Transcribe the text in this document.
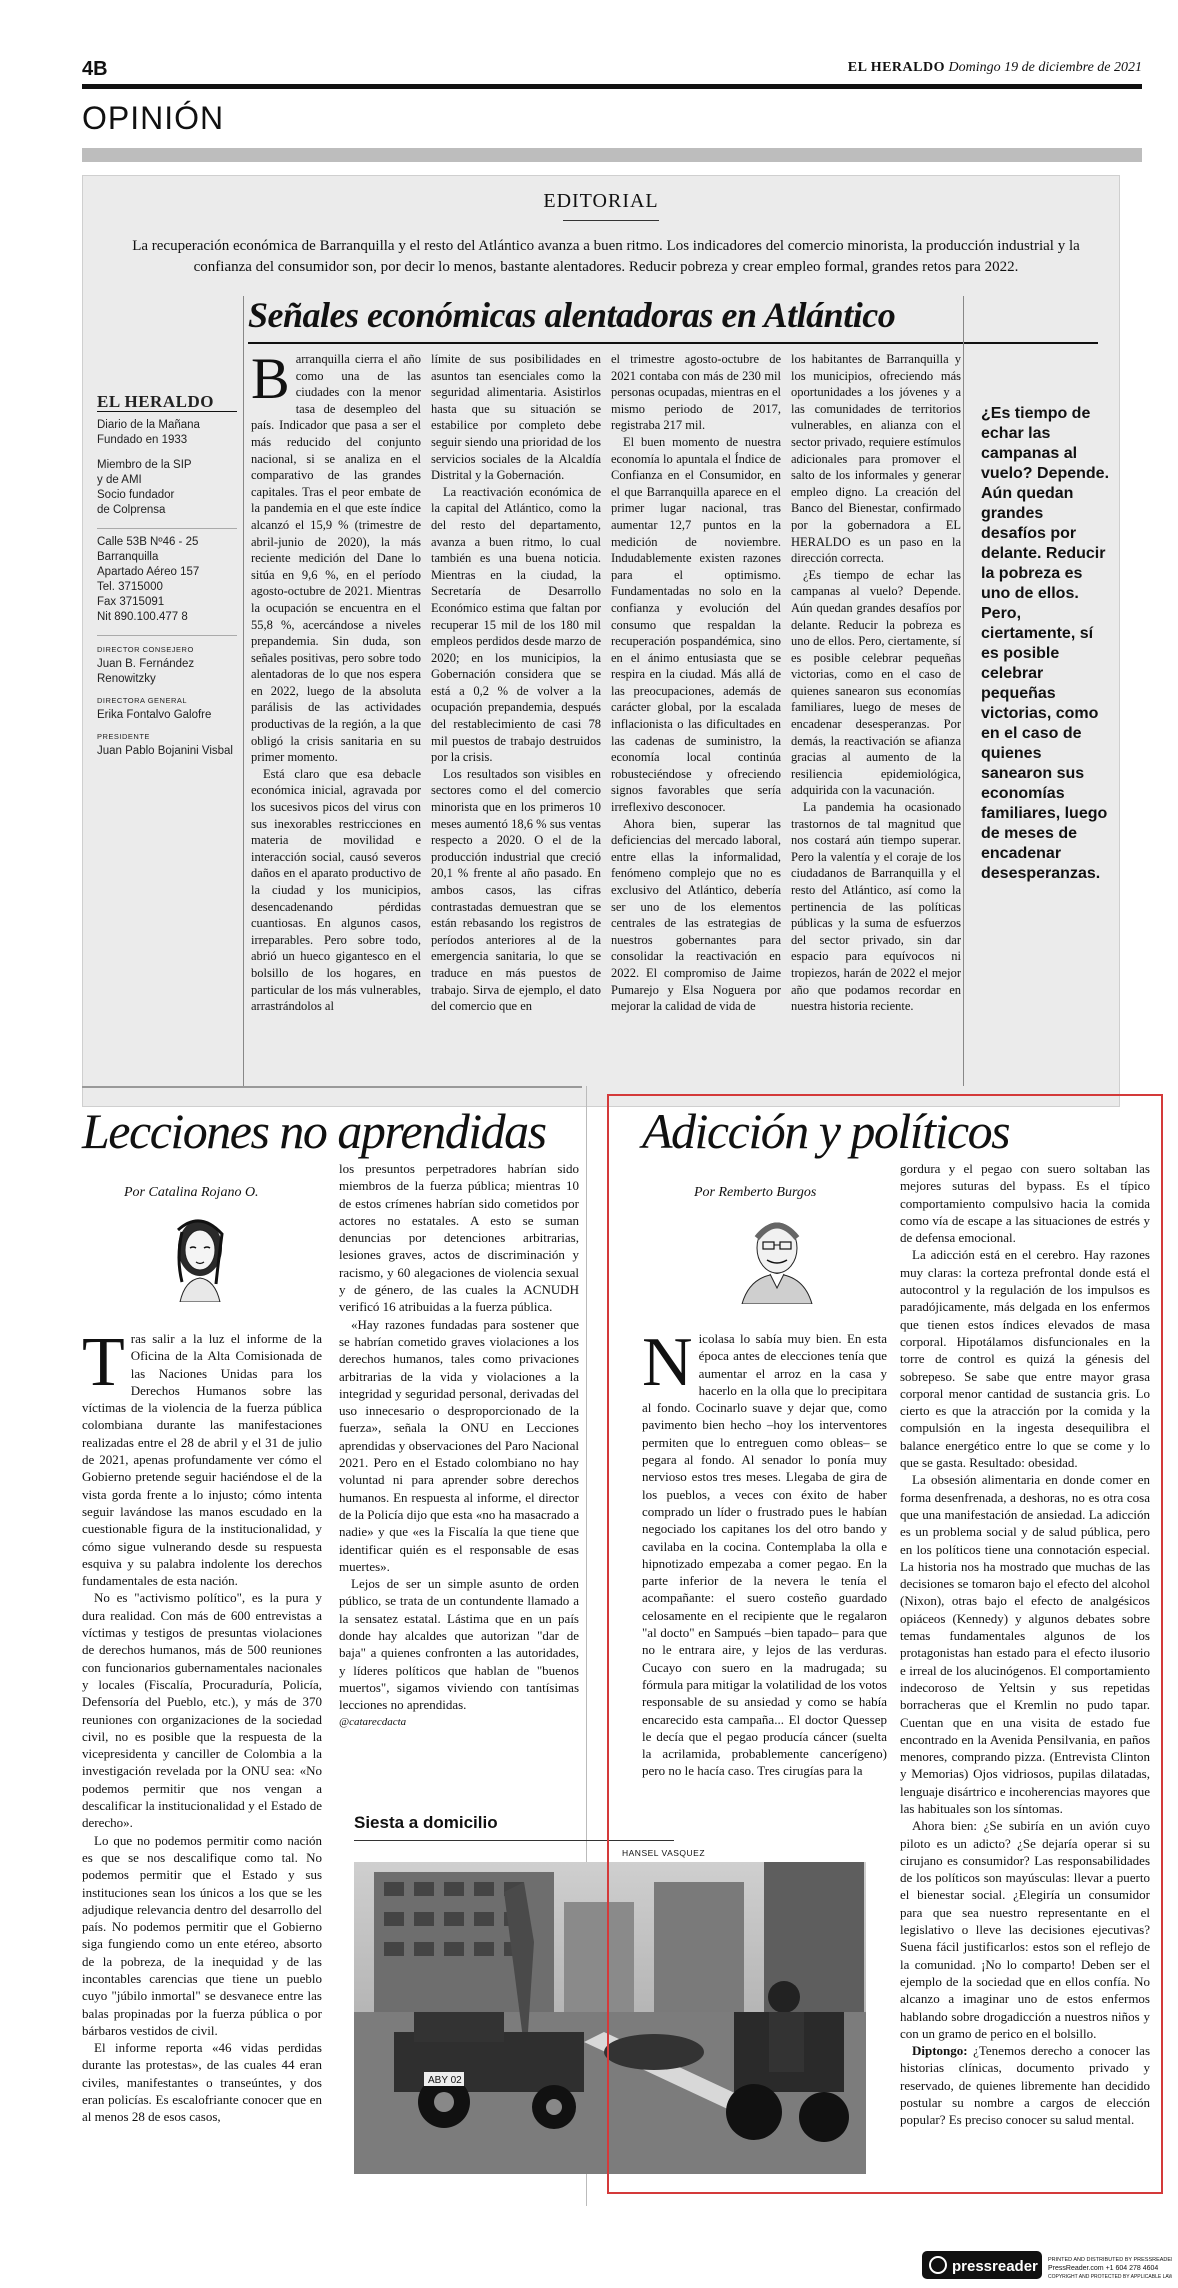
4B	EL HERALDO Domingo 19 de diciembre de 2021
OPINIÓN
EDITORIAL
La recuperación económica de Barranquilla y el resto del Atlántico avanza a buen ritmo. Los indicadores del comercio minorista, la producción industrial y la confianza del consumidor son, por decir lo menos, bastante alentadores. Reducir pobreza y crear empleo formal, grandes retos para 2022.
Señales económicas alentadoras en Atlántico
EL HERALDO

Diario de la Mañana
Fundado en 1933

Miembro de la SIP
y de AMI
Socio fundador
de Colprensa

Calle 53B Nº46 - 25
Barranquilla
Apartado Aéreo 157
Tel. 3715000
Fax 3715091
Nit 890.100.477 8

DIRECTOR CONSEJERO
Juan B. Fernández Renowitzky
DIRECTORA GENERAL
Erika Fontalvo Galofre
PRESIDENTE
Juan Pablo Bojanini Visbal
B arranquilla cierra el año como una de las ciudades con la menor tasa de desempleo del país. Indicador que pasa a ser el más reducido del conjunto nacional, si se analiza en el comparativo de las grandes capitales. Tras el peor embate de la pandemia en el que este índice alcanzó el 15,9 % (trimestre de abril-junio de 2020), la más reciente medición del Dane lo sitúa en 9,6 %, en el período agosto-octubre de 2021. Mientras la ocupación se encuentra en el 55,8 %, acercándose a niveles prepandemia. Sin duda, son señales positivas, pero sobre todo alentadoras de lo que nos espera en 2022, luego de la absoluta parálisis de las actividades productivas de la región, a la que obligó la crisis sanitaria en su primer momento.

Está claro que esa debacle económica inicial, agravada por los sucesivos picos del virus con sus inexorables restricciones en materia de movilidad e interacción social, causó severos daños en el aparato productivo de la ciudad y los municipios, desencadenando pérdidas cuantiosas. En algunos casos, irreparables. Pero sobre todo, abrió un hueco gigantesco en el bolsillo de los hogares, en particular de los más vulnerables, arrastrándolos al

límite de sus posibilidades en asuntos tan esenciales como la seguridad alimentaria. Asistirlos hasta que su situación se estabilice por completo debe seguir siendo una prioridad de los servicios sociales de la Alcaldía Distrital y la Gobernación.

La reactivación económica de la capital del Atlántico, como la del resto del departamento, avanza a buen ritmo, lo cual también es una buena noticia. Mientras en la ciudad, la Secretaría de Desarrollo Económico estima que faltan por recuperar 15 mil de los 180 mil empleos perdidos desde marzo de 2020; en los municipios, la Gobernación considera que se está a 0,2 % de volver a la ocupación prepandemia, después del restablecimiento de casi 78 mil puestos de trabajo destruidos por la crisis.

Los resultados son visibles en sectores como el del comercio minorista que en los primeros 10 meses aumentó 18,6 % sus ventas respecto a 2020. O el de la producción industrial que creció 20,1 % frente al año pasado. En ambos casos, las cifras contrastadas demuestran que se están rebasando los registros de períodos anteriores al de la emergencia sanitaria, lo que se traduce en más puestos de trabajo. Sirva de ejemplo, el dato del comercio que en

el trimestre agosto-octubre de 2021 contaba con más de 230 mil personas ocupadas, mientras en el mismo periodo de 2017, registraba 217 mil.

El buen momento de nuestra economía lo apuntala el Índice de Confianza en el Consumidor, en el que Barranquilla aparece en el primer lugar nacional, tras aumentar 12,7 puntos en la medición de noviembre. Indudablemente existen razones para el optimismo. Fundamentadas no solo en la confianza y evolución del consumo que respaldan la recuperación pospandémica, sino en el ánimo entusiasta que se respira en la ciudad. Más allá de las preocupaciones, además de carácter global, por la escalada inflacionista o las dificultades en las cadenas de suministro, la economía local continúa robusteciéndose y ofreciendo signos favorables que sería irreflexivo desconocer.

Ahora bien, superar las deficiencias del mercado laboral, entre ellas la informalidad, fenómeno complejo que no es exclusivo del Atlántico, debería ser uno de los elementos centrales de las estrategias de nuestros gobernantes para consolidar la reactivación en 2022. El compromiso de Jaime Pumarejo y Elsa Noguera por mejorar la calidad de vida de

los habitantes de Barranquilla y los municipios, ofreciendo más oportunidades a los jóvenes y a las comunidades de territorios vulnerables, en alianza con el sector privado, requiere estímulos adicionales para promover el salto de los informales y generar empleo digno. La creación del Banco del Bienestar, confirmado por la gobernadora a EL HERALDO es un paso en la dirección correcta.

¿Es tiempo de echar las campanas al vuelo? Depende. Aún quedan grandes desafíos por delante. Reducir la pobreza es uno de ellos. Pero, ciertamente, sí es posible celebrar pequeñas victorias, como en el caso de quienes sanearon sus economías familiares, luego de meses de encadenar desesperanzas. Por demás, la reactivación se afianza gracias al aumento de la resiliencia epidemiológica, adquirida con la vacunación.

La pandemia ha ocasionado trastornos de tal magnitud que nos costará aún tiempo superar. Pero la valentía y el coraje de los ciudadanos de Barranquilla y el resto del Atlántico, así como la pertinencia de las políticas públicas y la suma de esfuerzos del sector privado, sin dar espacio para equívocos ni tropiezos, harán de 2022 el mejor año que podamos recordar en nuestra historia reciente.

¿Es tiempo de echar las campanas al vuelo? Depende. Aún quedan grandes desafíos por delante. Reducir la pobreza es uno de ellos. Pero, ciertamente, sí es posible celebrar pequeñas victorias, como en el caso de quienes sanearon sus economías familiares, luego de meses de encadenar desesperanzas.
Lecciones no aprendidas
Por Catalina Rojano O.
T ras salir a la luz el informe de la Oficina de la Alta Comisionada de las Naciones Unidas para los Derechos Humanos sobre las víctimas de la violencia de la fuerza pública colombiana durante las manifestaciones realizadas entre el 28 de abril y el 31 de julio de 2021, apenas profundamente ver cómo el Gobierno pretende seguir haciéndose el de la vista gorda frente a lo injusto; cómo intenta seguir lavándose las manos escudado en la cuestionable figura de la institucionalidad, y cómo sigue vulnerando desde su respuesta esquiva y su palabra indolente los derechos fundamentales de esta nación.

No es "activismo político", es la pura y dura realidad. Con más de 600 entrevistas a víctimas y testigos de presuntas violaciones de derechos humanos, más de 500 reuniones con funcionarios gubernamentales nacionales y locales (Fiscalía, Procuraduría, Policía, Defensoría del Pueblo, etc.), y más de 370 reuniones con organizaciones de la sociedad civil, no es posible que la respuesta de la vicepresidenta y canciller de Colombia a la investigación revelada por la ONU sea: «No podemos permitir que nos vengan a descalificar la institucionalidad y el Estado de derecho».

Lo que no podemos permitir como nación es que se nos descalifique como tal. No podemos permitir que el Estado y sus instituciones sean los únicos a los que se les adjudique relevancia dentro del desarrollo del país. No podemos permitir que el Gobierno siga fungiendo como un ente etéreo, absorto de la pobreza, de la inequidad y de las incontables carencias que tiene un pueblo cuyo "júbilo inmortal" se desvanece entre las balas propinadas por la fuerza pública o por bárbaros vestidos de civil.

El informe reporta «46 vidas perdidas durante las protestas», de las cuales 44 eran civiles, manifestantes o transeúntes, y dos eran policías. Es escalofriante conocer que en al menos 28 de esos casos,

los presuntos perpetradores habrían sido miembros de la fuerza pública; mientras 10 de estos crímenes habrían sido cometidos por actores no estatales. A esto se suman denuncias por detenciones arbitrarias, lesiones graves, actos de discriminación y racismo, y 60 alegaciones de violencia sexual y de género, de las cuales la ACNUDH verificó 16 atribuidas a la fuerza pública.

«Hay razones fundadas para sostener que se habrían cometido graves violaciones a los derechos humanos, tales como privaciones arbitrarias de la vida y violaciones a la integridad y seguridad personal, derivadas del uso innecesario o desproporcionado de la fuerza», señala la ONU en Lecciones aprendidas y observaciones del Paro Nacional 2021. Pero en el Estado colombiano no hay voluntad ni para aprender sobre derechos humanos. En respuesta al informe, el director de la Policía dijo que esta «no ha masacrado a nadie» y que «es la Fiscalía la que tiene que identificar quién es el responsable de esas muertes».

Lejos de ser un simple asunto de orden público, se trata de un contundente llamado a la sensatez estatal. Lástima que en un país donde hay alcaldes que autorizan "dar de baja" a quienes confronten a las autoridades, y líderes políticos que hablan de "buenos muertos", sigamos viviendo con tantísimas lecciones no aprendidas.

@catarecdacta

Siesta a domicilio
HANSEL VASQUEZ
ABY 02
Adicción y políticos
Por Remberto Burgos
N icolasa lo sabía muy bien. En esta época antes de elecciones tenía que aumentar el arroz en la casa y hacerlo en la olla que lo precipitara al fondo. Cocinarlo suave y dejar que, como pavimento bien hecho –hoy los interventores permiten que lo entreguen como obleas– se pegara al fondo. Al senador lo ponía muy nervioso estos tres meses. Llegaba de gira de los pueblos, a veces con éxito de haber comprado un líder o frustrado pues le habían negociado los capitanes los del otro bando y cavilaba en la cocina. Contemplaba la olla e hipnotizado empezaba a comer pegao. En la parte inferior de la nevera le tenía el acompañante: el suero costeño guardado celosamente en el recipiente que le regalaron "al docto" en Sampués –bien tapado– para que no le entrara aire, y lejos de las verduras. Cucayo con suero en la madrugada; su fórmula para mitigar la volatilidad de los votos responsable de su ansiedad y como se había encarecido esta campaña... El doctor Quessep le decía que el pegao producía cáncer (suelta la acrilamida, probablemente cancerígeno) pero no le hacía caso. Tres cirugías para la

gordura y el pegao con suero soltaban las mejores suturas del bypass. Es el típico comportamiento compulsivo hacia la comida como vía de escape a las situaciones de estrés y de defensa emocional.

La adicción está en el cerebro. Hay razones muy claras: la corteza prefrontal donde está el autocontrol y la regulación de los impulsos es paradójicamente, más delgada en los enfermos que tienen estos índices elevados de masa corporal. Hipotálamos disfuncionales en la torre de control es quizá la génesis del sobrepeso. Se sabe que entre mayor grasa corporal menor cantidad de sustancia gris. Lo cierto es que la atracción por la comida y la compulsión en la ingesta desequilibra el balance energético entre lo que se come y lo que se gasta. Resultado: obesidad.

La obsesión alimentaria en donde comer en forma desenfrenada, a deshoras, no es otra cosa que una manifestación de ansiedad. La adicción es un problema social y de salud pública, pero en los políticos tiene una connotación especial. La historia nos ha mostrado que muchas de las decisiones se tomaron bajo el efecto del alcohol (Nixon), otras bajo el efecto de analgésicos opiáceos (Kennedy) y algunos debates sobre temas fundamentales algunos de los protagonistas han estado para el efecto ilusorio e irreal de los alucinógenos. El comportamiento indecoroso de Yeltsin y sus repetidas borracheras que el Kremlin no pudo tapar. Cuentan que en una visita de estado fue encontrado en la Avenida Pensilvania, en paños menores, comprando pizza. (Entrevista Clinton y Memorias) Ojos vidriosos, pupilas dilatadas, lenguaje disártrico e incoherencias mayores que las habituales son los síntomas.

Ahora bien: ¿Se subiría en un avión cuyo piloto es un adicto? ¿Se dejaría operar si su cirujano es consumidor? Las responsabilidades de los políticos son mayúsculas: llevar a puerto el bienestar social. ¿Elegiría un consumidor para que sea nuestro representante en el legislativo o lleve las decisiones ejecutivas? Suena fácil justificarlos: estos son el reflejo de la comunidad. ¡No lo comparto! Deben ser el ejemplo de la sociedad que en ellos confía. No alcanzo a imaginar uno de estos enfermos hablando sobre drogadicción a nuestros niños y con un gramo de perico en el bolsillo.

Diptongo: ¿Tenemos derecho a conocer las historias clínicas, documento privado y reservado, de quienes libremente han decidido postular su nombre a cargos de elección popular? Es preciso conocer su salud mental.

pressreader PRINTED AND DISTRIBUTED BY PRESSREADER
PressReader.com +1 604 278 4604
COPYRIGHT AND PROTECTED BY APPLICABLE LAW
